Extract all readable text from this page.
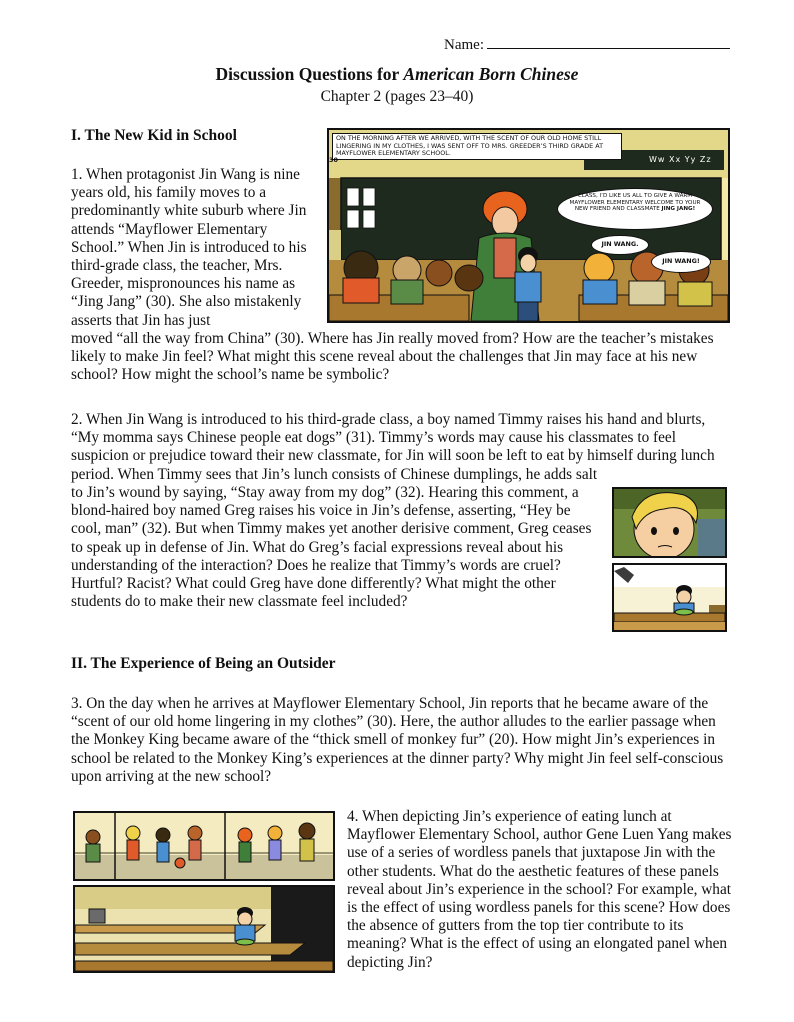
Name:
Discussion Questions for American Born Chinese
Chapter 2 (pages 23–40)
I. The New Kid in School
1. When protagonist Jin Wang is nine years old, his family moves to a predominantly white suburb where Jin attends “Mayflower Elementary School.” When Jin is introduced to his third-grade class, the teacher, Mrs. Greeder, mispronounces his name as “Jing Jang” (30). She also mistakenly asserts that Jin has just
moved “all the way from China” (30). Where has Jin really moved from? How are the teacher’s mistakes likely to make Jin feel? What might this scene reveal about the challenges that Jin may face at his new school? How might the school’s name be symbolic?
ON THE MORNING AFTER WE ARRIVED, WITH THE SCENT OF OUR OLD HOME STILL LINGERING IN MY CLOTHES, I WAS SENT OFF TO MRS. GREEDER’S THIRD GRADE AT MAYFLOWER ELEMENTARY SCHOOL.
30	Ww Xx Yy Zz
CLASS, I’D LIKE US ALL TO GIVE A WARM MAYFLOWER ELEMENTARY WELCOME TO YOUR NEW FRIEND AND CLASSMATE JING JANG!
JIN WANG.
JIN WANG!
2. When Jin Wang is introduced to his third-grade class, a boy named Timmy raises his hand and blurts, “My momma says Chinese people eat dogs” (31). Timmy’s words may cause his classmates to feel suspicion or prejudice toward their new classmate, for Jin will soon be left to eat by himself during lunch period. When Timmy sees that Jin’s lunch consists of Chinese dumplings, he adds salt
to Jin’s wound by saying, “Stay away from my dog” (32). Hearing this comment, a blond-haired boy named Greg raises his voice in Jin’s defense, asserting, “Hey be cool, man” (32). But when Timmy makes yet another derisive comment, Greg ceases to speak up in defense of Jin. What do Greg’s facial expressions reveal about his understanding of the interaction? Does he realize that Timmy’s words are cruel? Hurtful? Racist? What could Greg have done differently? What might the other students do to make their new classmate feel included?
II. The Experience of Being an Outsider
3. On the day when he arrives at Mayflower Elementary School, Jin reports that he became aware of the “scent of our old home lingering in my clothes” (30). Here, the author alludes to the earlier passage when the Monkey King became aware of the “thick smell of monkey fur” (20). How might Jin’s experiences in school be related to the Monkey King’s experiences at the dinner party? Why might Jin feel self-conscious upon arriving at the new school?
4. When depicting Jin’s experience of eating lunch at Mayflower Elementary School, author Gene Luen Yang makes use of a series of wordless panels that juxtapose Jin with the other students. What do the aesthetic features of these panels reveal about Jin’s experience in the school? For example, what is the effect of using wordless panels for this scene? How does the absence of gutters from the top tier contribute to its meaning? What is the effect of using an elongated panel when depicting Jin?
